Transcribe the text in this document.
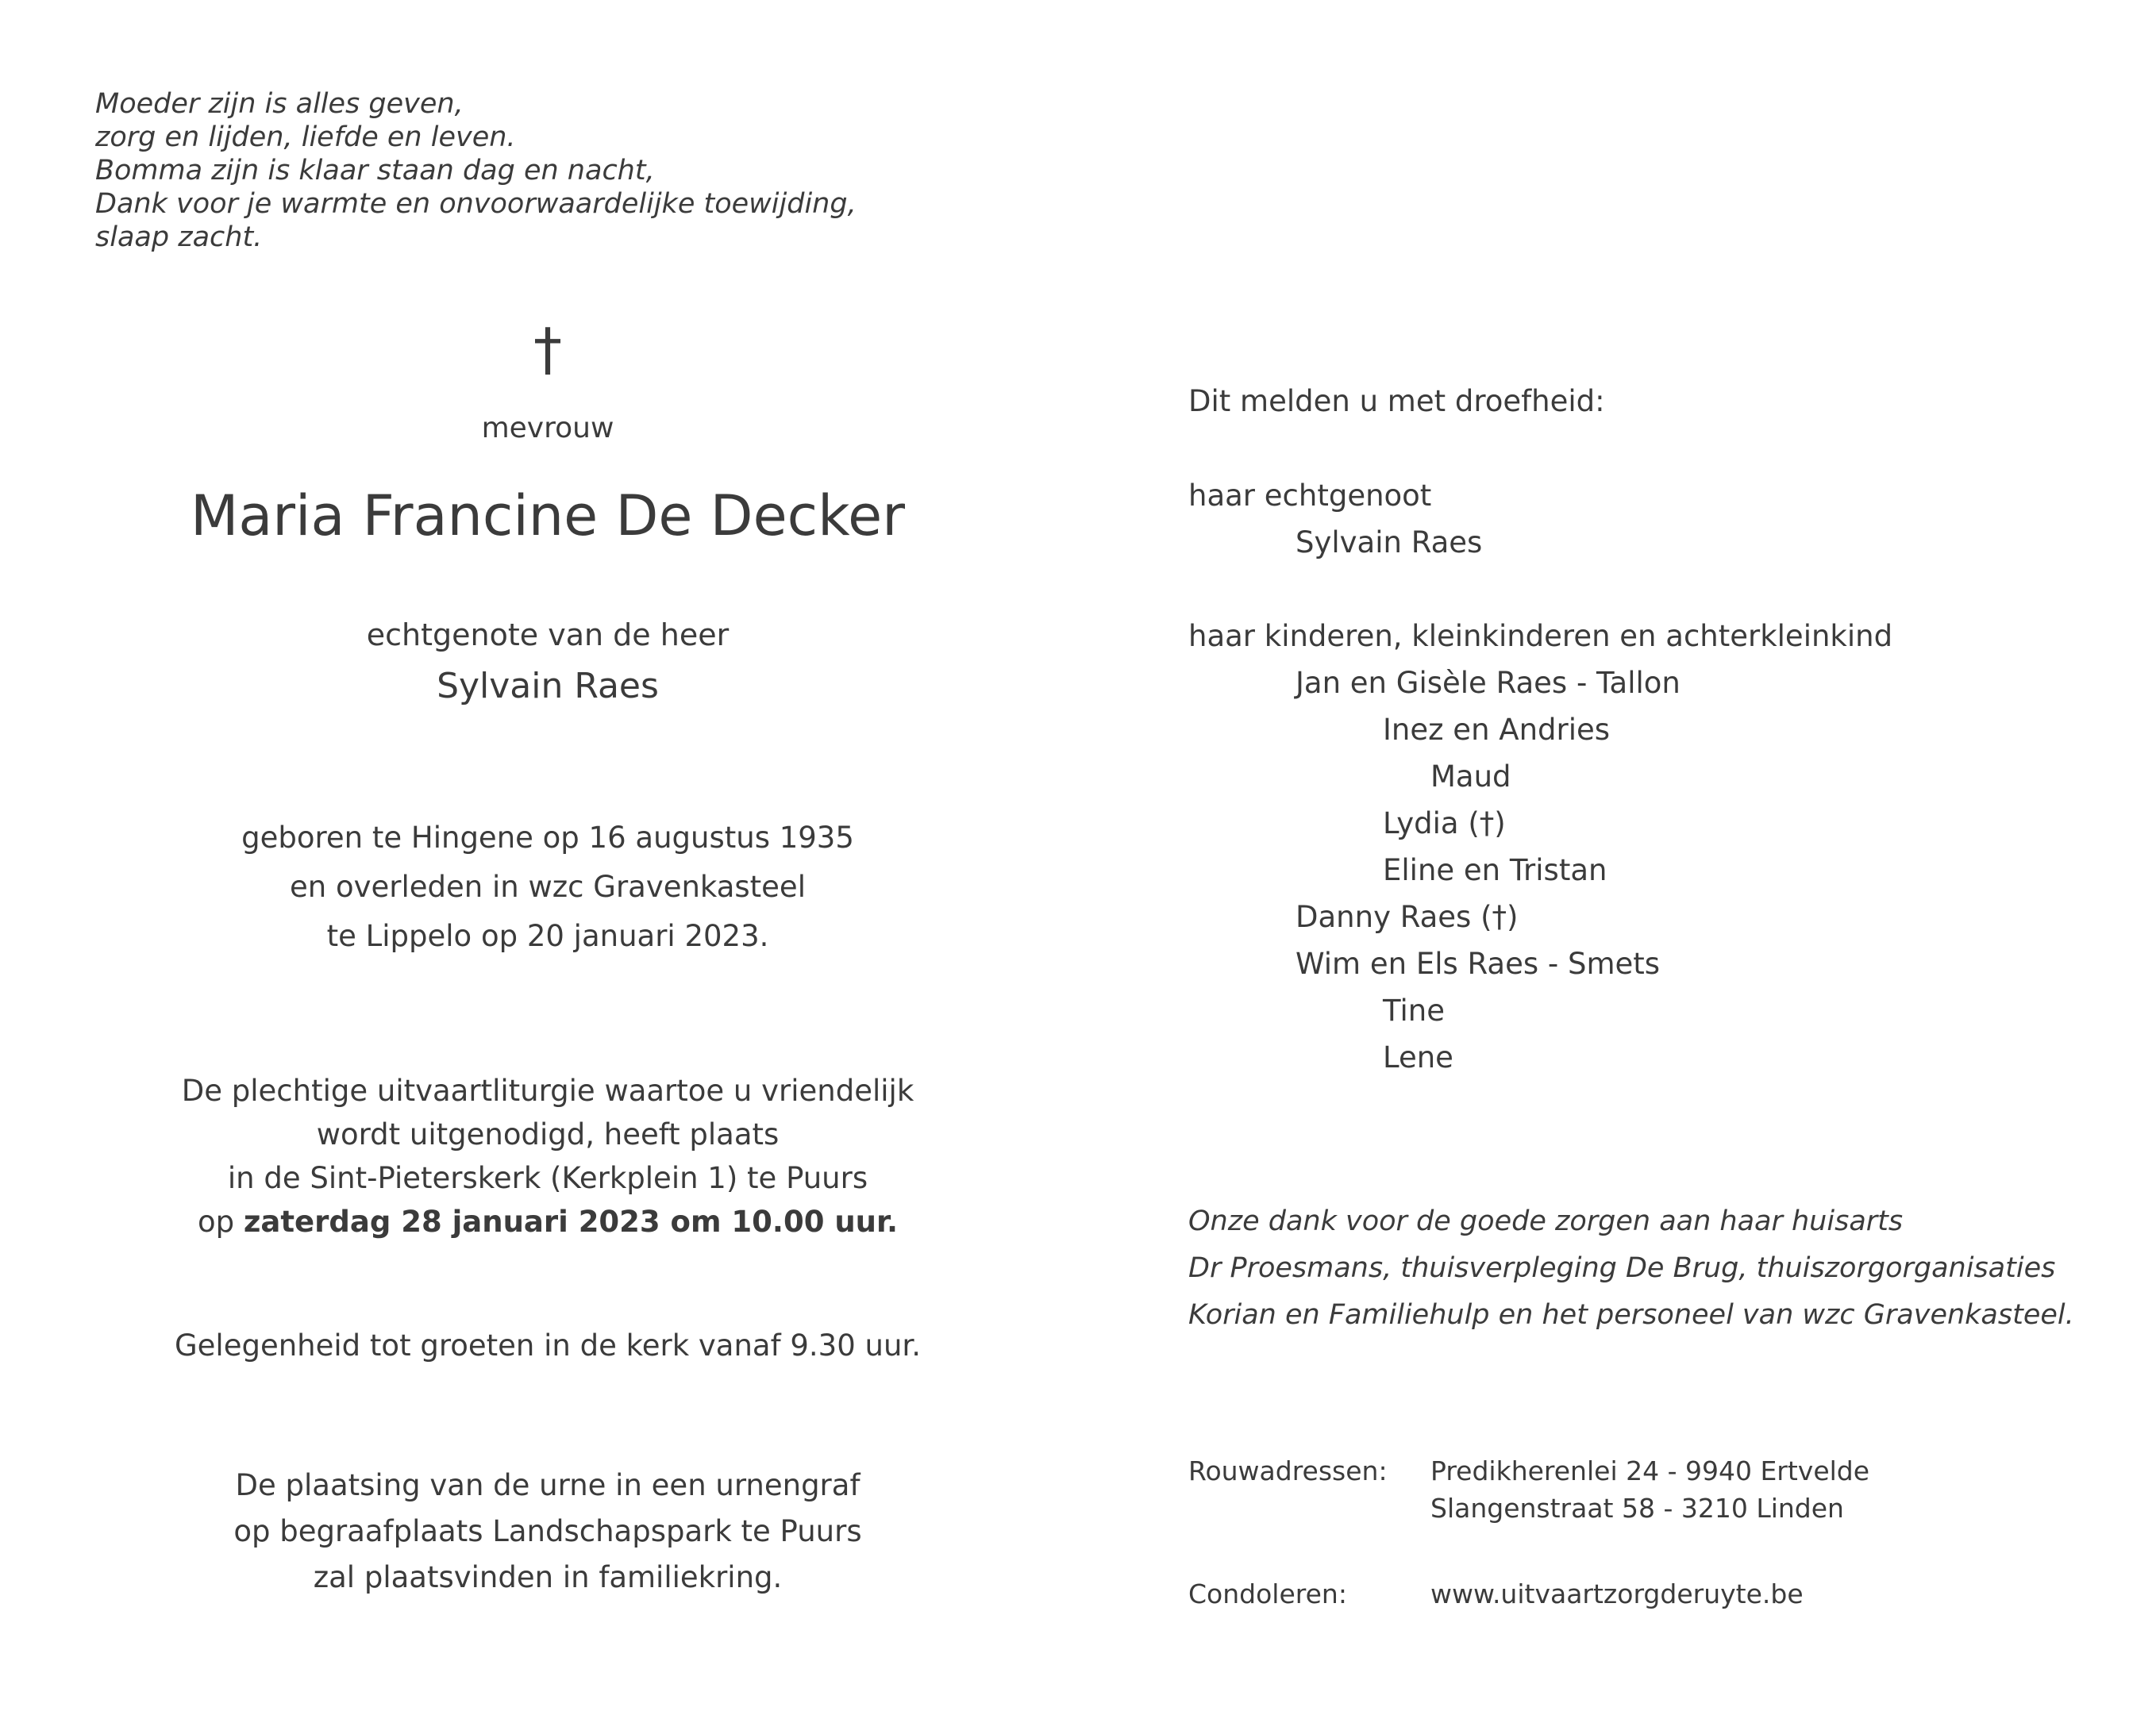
Moeder zijn is alles geven,
zorg en lijden, liefde en leven.
Bomma zijn is klaar staan dag en nacht,
Dank voor je warmte en onvoorwaardelijke toewijding,
slaap zacht.
†
mevrouw
Maria Francine De Decker
echtgenote van de heer
Sylvain Raes
geboren te Hingene op 16 augustus 1935
en overleden in wzc Gravenkasteel
te Lippelo op 20 januari 2023.
De plechtige uitvaartliturgie waartoe u vriendelijk
wordt uitgenodigd, heeft plaats
in de Sint-Pieterskerk (Kerkplein 1) te Puurs
op zaterdag 28 januari 2023 om 10.00 uur.
Gelegenheid tot groeten in de kerk vanaf 9.30 uur.
De plaatsing van de urne in een urnengraf
op begraafplaats Landschapspark te Puurs
zal plaatsvinden in familiekring.
Dit melden u met droefheid:
haar echtgenoot
Sylvain Raes
haar kinderen, kleinkinderen en achterkleinkind
Jan en Gisèle Raes - Tallon
Inez en Andries
Maud
Lydia (†)
Eline en Tristan
Danny Raes (†)
Wim en Els Raes - Smets
Tine
Lene
Onze dank voor de goede zorgen aan haar huisarts
Dr Proesmans, thuisverpleging De Brug, thuiszorgorganisaties
Korian en Familiehulp en het personeel van wzc Gravenkasteel.
Rouwadressen:	Predikherenlei 24 - 9940 Ertvelde
Slangenstraat 58 - 3210 Linden
Condoleren:	www.uitvaartzorgderuyte.be
